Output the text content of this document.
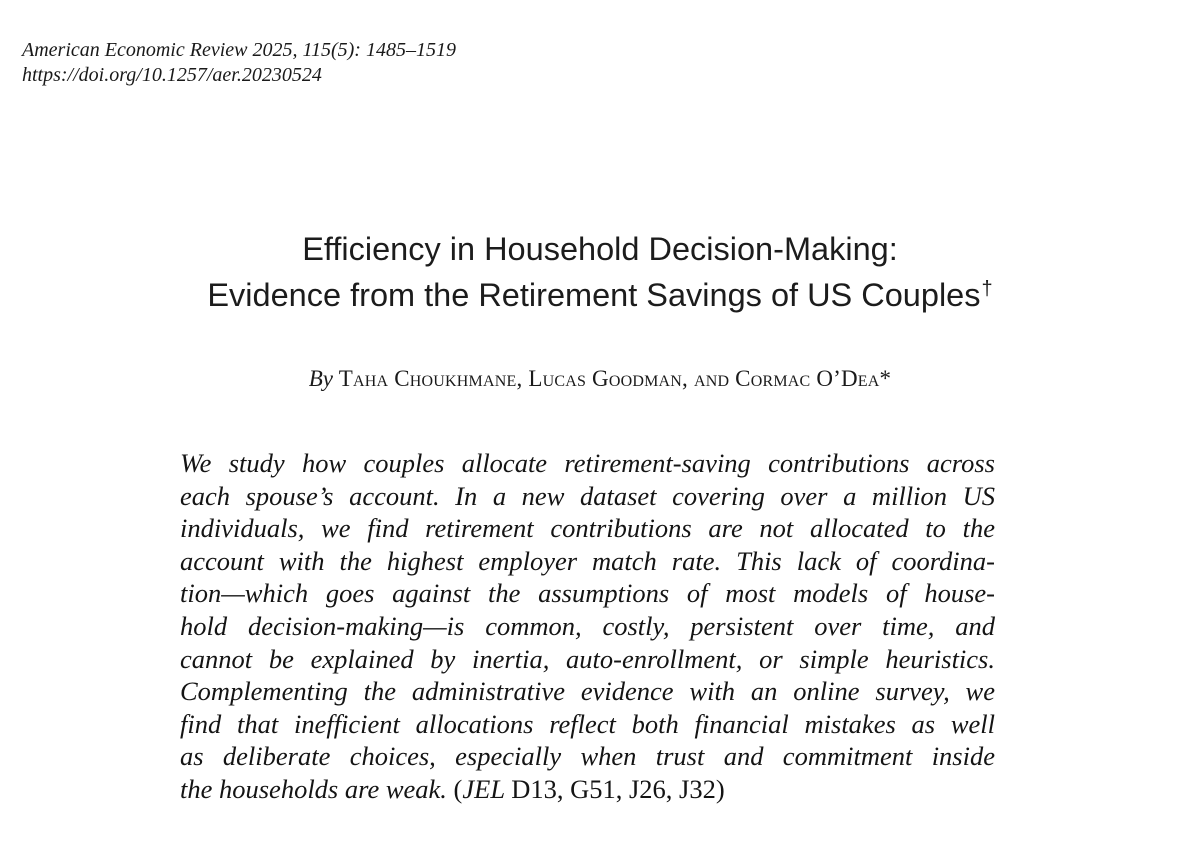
American Economic Review 2025, 115(5): 1485–1519
https://doi.org/10.1257/aer.20230524
Efficiency in Household Decision-Making:
Evidence from the Retirement Savings of US Couples†
By Taha Choukhmane, Lucas Goodman, and Cormac O’Dea*
We study how couples allocate retirement-saving contributions across
each spouse’s account. In a new dataset covering over a million US
individuals, we find retirement contributions are not allocated to the
account with the highest employer match rate. This lack of coordina-
tion—which goes against the assumptions of most models of house-
hold decision-making—is common, costly, persistent over time, and
cannot be explained by inertia, auto-enrollment, or simple heuristics.
Complementing the administrative evidence with an online survey, we
find that inefficient allocations reflect both financial mistakes as well
as deliberate choices, especially when trust and commitment inside
the households are weak. (JEL D13, G51, J26, J32)
